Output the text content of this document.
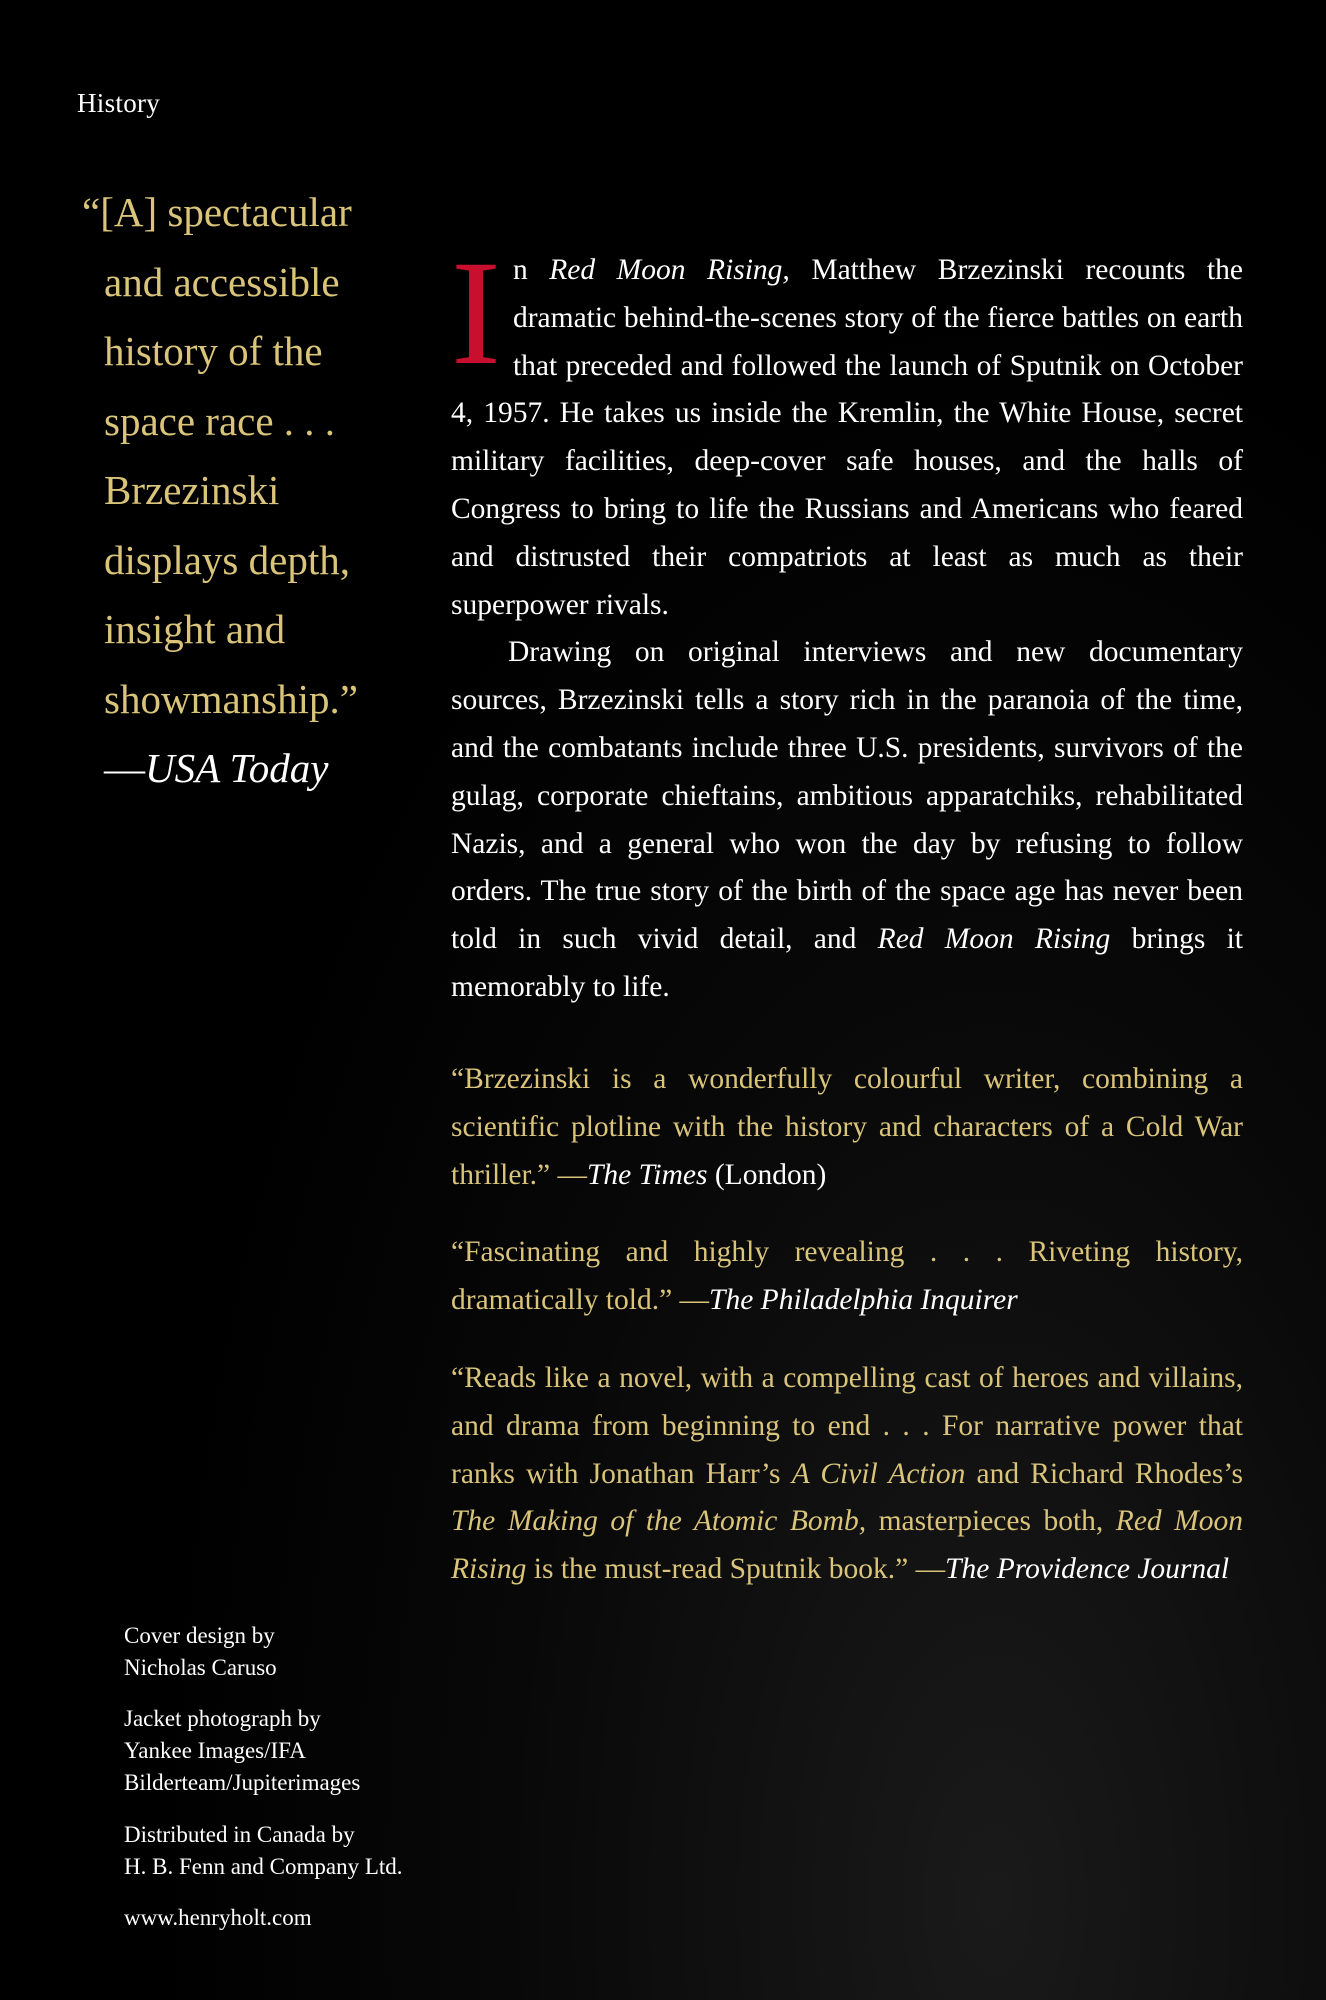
History
“[A] spectacular
and accessible
history of the
space race . . .
Brzezinski
displays depth,
insight and
showmanship.”
—USA Today

In Red Moon Rising, Matthew Brzezinski recounts the dramatic behind-the-scenes story of the fierce battles on earth that preceded and followed the launch of Sputnik on October 4, 1957. He takes us inside the Kremlin, the White House, secret military facilities, deep-cover safe houses, and the halls of Congress to bring to life the Russians and Americans who feared and distrusted their compatriots at least as much as their superpower rivals.

Drawing on original interviews and new documentary sources, Brzezinski tells a story rich in the paranoia of the time, and the combatants include three U.S. presidents, survivors of the gulag, corporate chieftains, ambitious apparatchiks, rehabilitated Nazis, and a general who won the day by refusing to follow orders. The true story of the birth of the space age has never been told in such vivid detail, and Red Moon Rising brings it memorably to life.

“Brzezinski is a wonderfully colourful writer, combining a scientific plotline with the history and characters of a Cold War thriller.” —The Times (London)
“Fascinating and highly revealing . . . Riveting history, dramatically told.” —The Philadelphia Inquirer
“Reads like a novel, with a compelling cast of heroes and villains, and drama from beginning to end . . . For narrative power that ranks with Jonathan Harr’s A Civil Action and Richard Rhodes’s The Making of the Atomic Bomb, masterpieces both, Red Moon Rising is the must-read Sputnik book.” —The Providence Journal
Cover design by
Nicholas Caruso
Jacket photograph by
Yankee Images/IFA
Bilderteam/Jupiterimages
Distributed in Canada by
H. B. Fenn and Company Ltd.
www.henryholt.com
